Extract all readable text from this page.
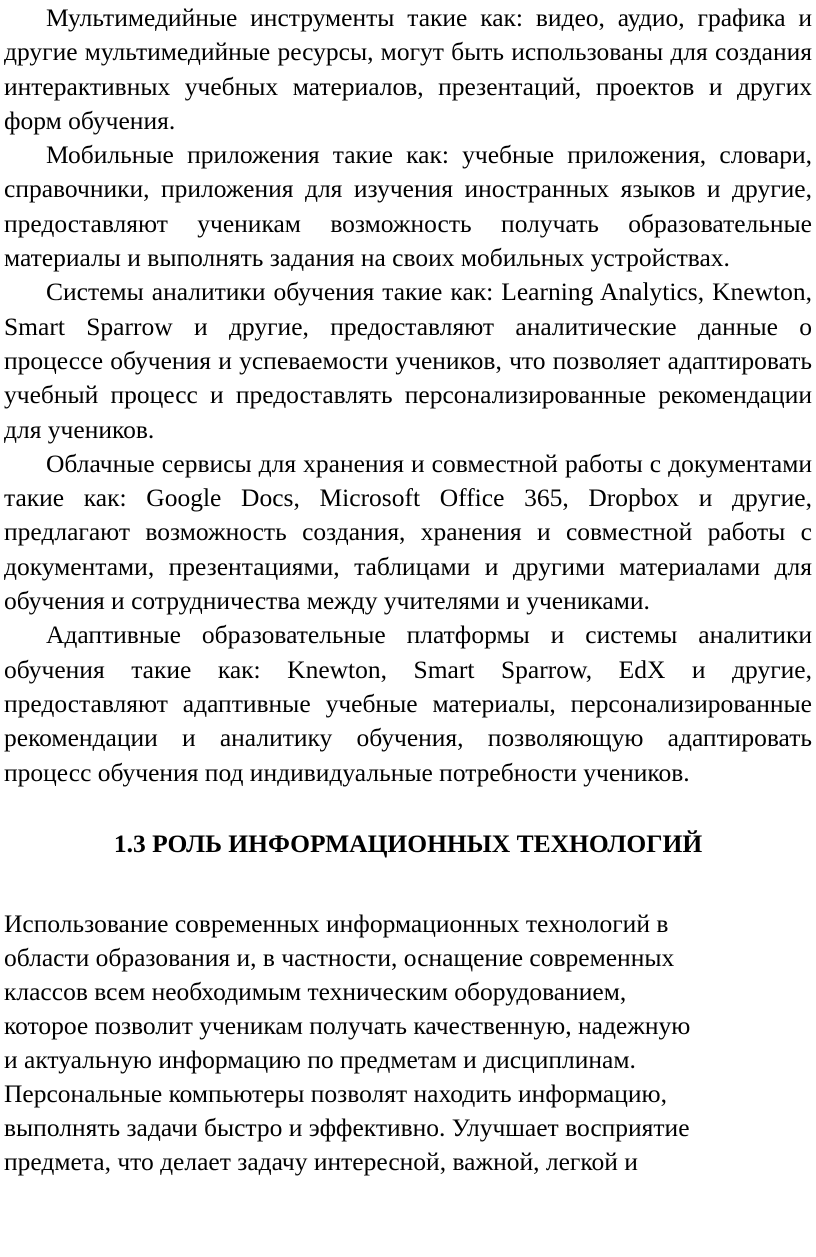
Мультимедийные инструменты такие как: видео, аудио, графика и другие мультимедийные ресурсы, могут быть использованы для создания интерактивных учебных материалов, презентаций, проектов и других форм обучения.

Мобильные приложения такие как: учебные приложения, словари, справочники, приложения для изучения иностранных языков и другие, предоставляют ученикам возможность получать образовательные материалы и выполнять задания на своих мобильных устройствах.

Системы аналитики обучения такие как: Learning Analytics, Knewton, Smart Sparrow и другие, предоставляют аналитические данные о процессе обучения и успеваемости учеников, что позволяет адаптировать учебный процесс и предоставлять персонализированные рекомендации для учеников.

Облачные сервисы для хранения и совместной работы с документами такие как: Google Docs, Microsoft Office 365, Dropbox и другие, предлагают возможность создания, хранения и совместной работы с документами, презентациями, таблицами и другими материалами для обучения и сотрудничества между учителями и учениками.

Адаптивные образовательные платформы и системы аналитики обучения такие как: Knewton, Smart Sparrow, EdX и другие, предоставляют адаптивные учебные материалы, персонализированные рекомендации и аналитику обучения, позволяющую адаптировать процесс обучения под индивидуальные потребности учеников.

1.3 РОЛЬ ИНФОРМАЦИОННЫХ ТЕХНОЛОГИЙ

Использование современных информационных технологий в
области образования и, в частности, оснащение современных
классов всем необходимым техническим оборудованием,
которое позволит ученикам получать качественную, надежную
и актуальную информацию по предметам и дисциплинам.
Персональные компьютеры позволят находить информацию,
выполнять задачи быстро и эффективно. Улучшает восприятие
предмета, что делает задачу интересной, важной, легкой и
